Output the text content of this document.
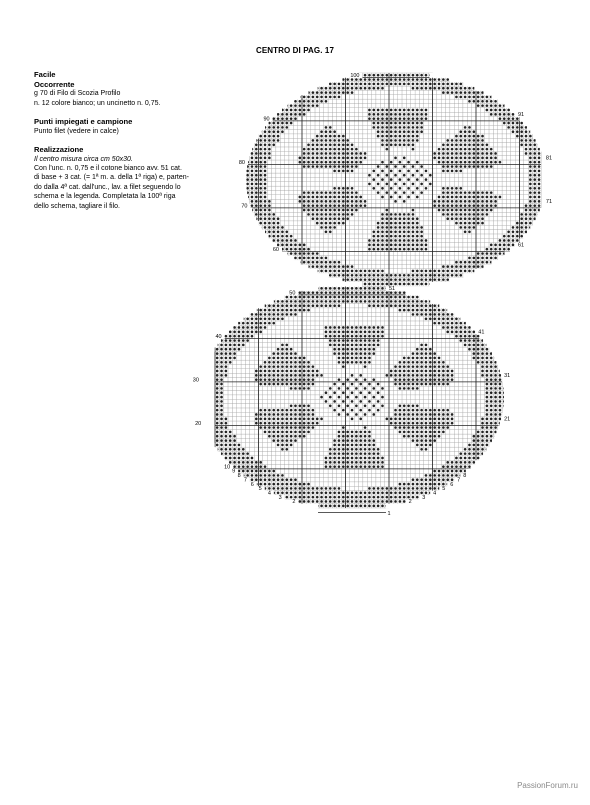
CENTRO DI PAG. 17
Facile
Occorrente
g 70 di Filo di Scozia Profilo
n. 12 colore bianco; un uncinetto n. 0,75.
Punti impiegati e campione
Punto filet (vedere in calce)
Realizzazione
Il centro misura circa cm 50x30.
Con l'unc. n. 0,75 e il cotone bianco avv. 51 cat.
di base + 3 cat. (= 1ª m. a. della 1ª riga) e, parten-
do dalla 4ª cat. dall'unc., lav. a filet seguendo lo
schema e la legenda. Completata la 100ª riga
dello schema, tagliare il filo.
100
90
80
70
60
50
40
30
20
10
91
81
71
61
51
41
31
21
9
8
7
6
5
4
3
2
8
7
6
5
4
3
2
1
PassionForum.ru
